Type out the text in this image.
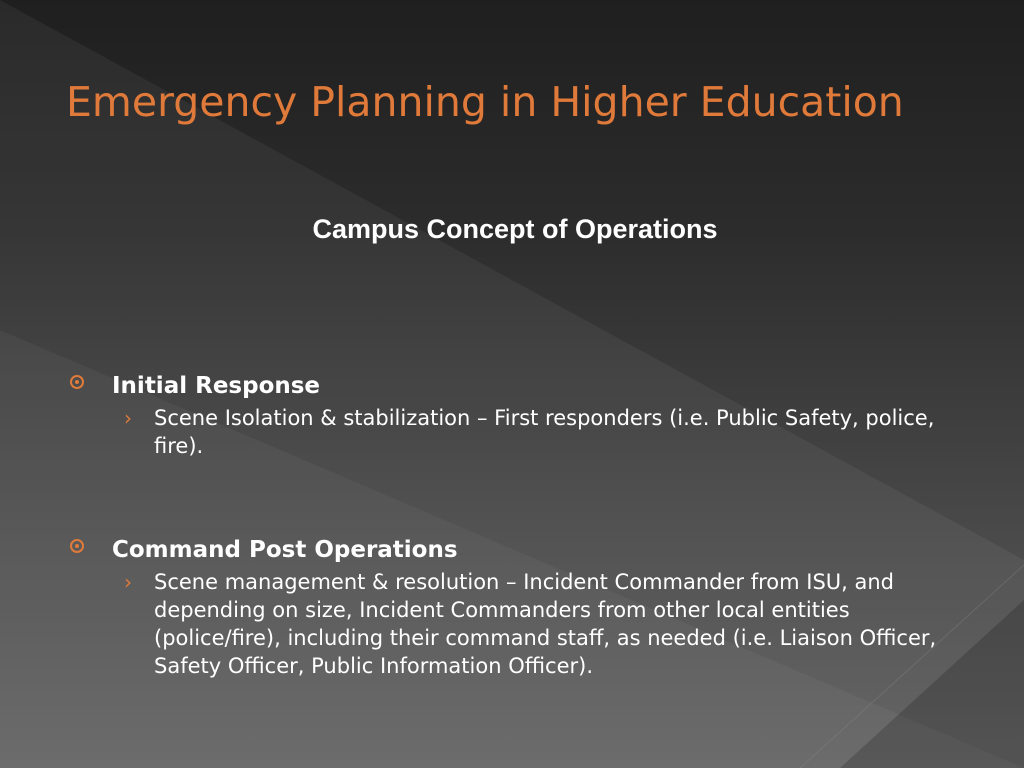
Emergency Planning in Higher Education
Campus Concept of Operations
Initial Response
› Scene Isolation & stabilization – First responders (i.e. Public Safety, police, fire).
Command Post Operations
› Scene management & resolution – Incident Commander from ISU, and depending on size, Incident Commanders from other local entities (police/fire), including their command staff, as needed (i.e. Liaison Officer, Safety Officer, Public Information Officer).
